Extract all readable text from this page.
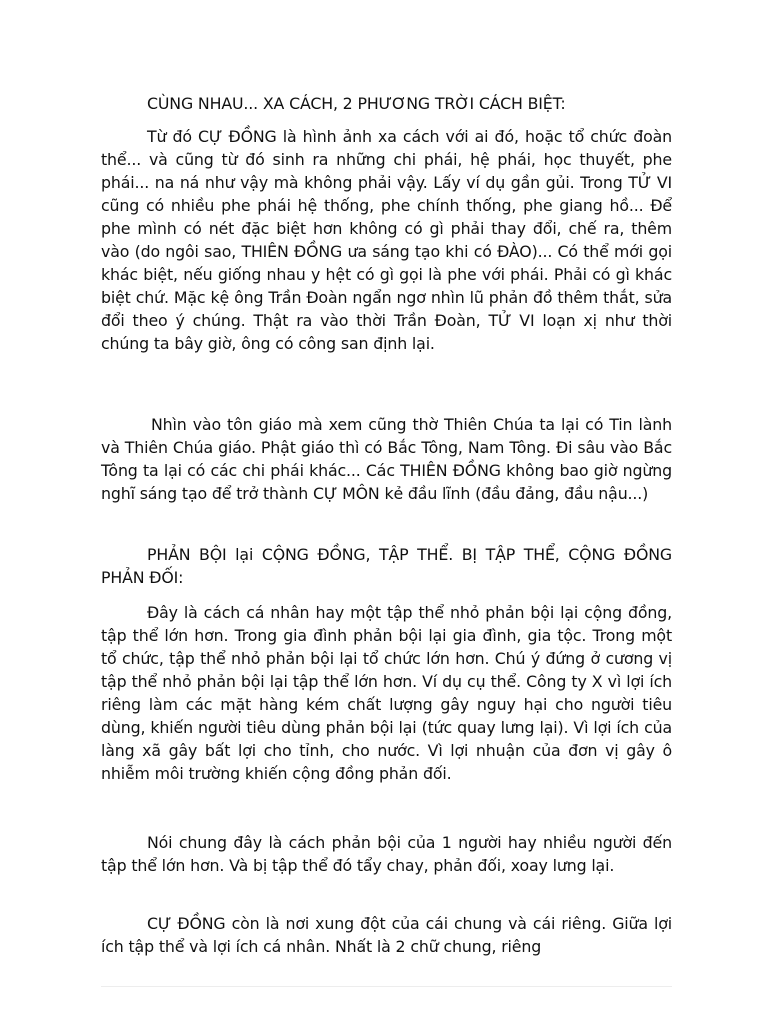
CÙNG NHAU... XA CÁCH, 2 PHƯƠNG TRỜI CÁCH BIỆT:

Từ đó CỰ ĐỒNG là hình ảnh xa cách với ai đó, hoặc tổ chức đoàn thể... và cũng từ đó sinh ra những chi phái, hệ phái, học thuyết, phe phái... na ná như vậy mà không phải vậy. Lấy ví dụ gần gủi. Trong TỬ VI cũng có nhiều phe phái hệ thống, phe chính thống, phe giang hồ... Để phe mình có nét đặc biệt hơn không có gì phải thay đổi, chế ra, thêm vào (do ngôi sao, THIÊN ĐỒNG ưa sáng tạo khi có ĐÀO)... Có thể mới gọi khác biệt, nếu giống nhau y hệt có gì gọi là phe với phái. Phải có gì khác biệt chứ. Mặc kệ ông Trần Đoàn ngẩn ngơ nhìn lũ phản đồ thêm thắt, sửa đổi theo ý chúng. Thật ra vào thời Trần Đoàn, TỬ VI loạn xị như thời chúng ta bây giờ, ông có công san định lại.

Nhìn vào tôn giáo mà xem cũng thờ Thiên Chúa ta lại có Tin lành và Thiên Chúa giáo. Phật giáo thì có Bắc Tông, Nam Tông. Đi sâu vào Bắc Tông ta lại có các chi phái khác... Các THIÊN ĐỒNG không bao giờ ngừng nghĩ sáng tạo để trở thành CỰ MÔN kẻ đầu lĩnh (đầu đảng, đầu nậu...)

PHẢN BỘI lại CỘNG ĐỒNG, TẬP THỂ. BỊ TẬP THỂ, CỘNG ĐỒNG PHẢN ĐỐI:

Đây là cách cá nhân hay một tập thể nhỏ phản bội lại cộng đồng, tập thể lớn hơn. Trong gia đình phản bội lại gia đình, gia tộc. Trong một tổ chức, tập thể nhỏ phản bội lại tổ chức lớn hơn. Chú ý đứng ở cương vị tập thể nhỏ phản bội lại tập thể lớn hơn. Ví dụ cụ thể. Công ty X vì lợi ích riêng làm các mặt hàng kém chất lượng gây nguy hại cho người tiêu dùng, khiến người tiêu dùng phản bội lại (tức quay lưng lại). Vì lợi ích của làng xã gây bất lợi cho tỉnh, cho nước. Vì lợi nhuận của đơn vị gây ô nhiễm môi trường khiến cộng đồng phản đối.

Nói chung đây là cách phản bội của 1 người hay nhiều người đến tập thể lớn hơn. Và bị tập thể đó tẩy chay, phản đối, xoay lưng lại.

CỰ ĐỒNG còn là nơi xung đột của cái chung và cái riêng. Giữa lợi ích tập thể và lợi ích cá nhân. Nhất là 2 chữ chung, riêng
